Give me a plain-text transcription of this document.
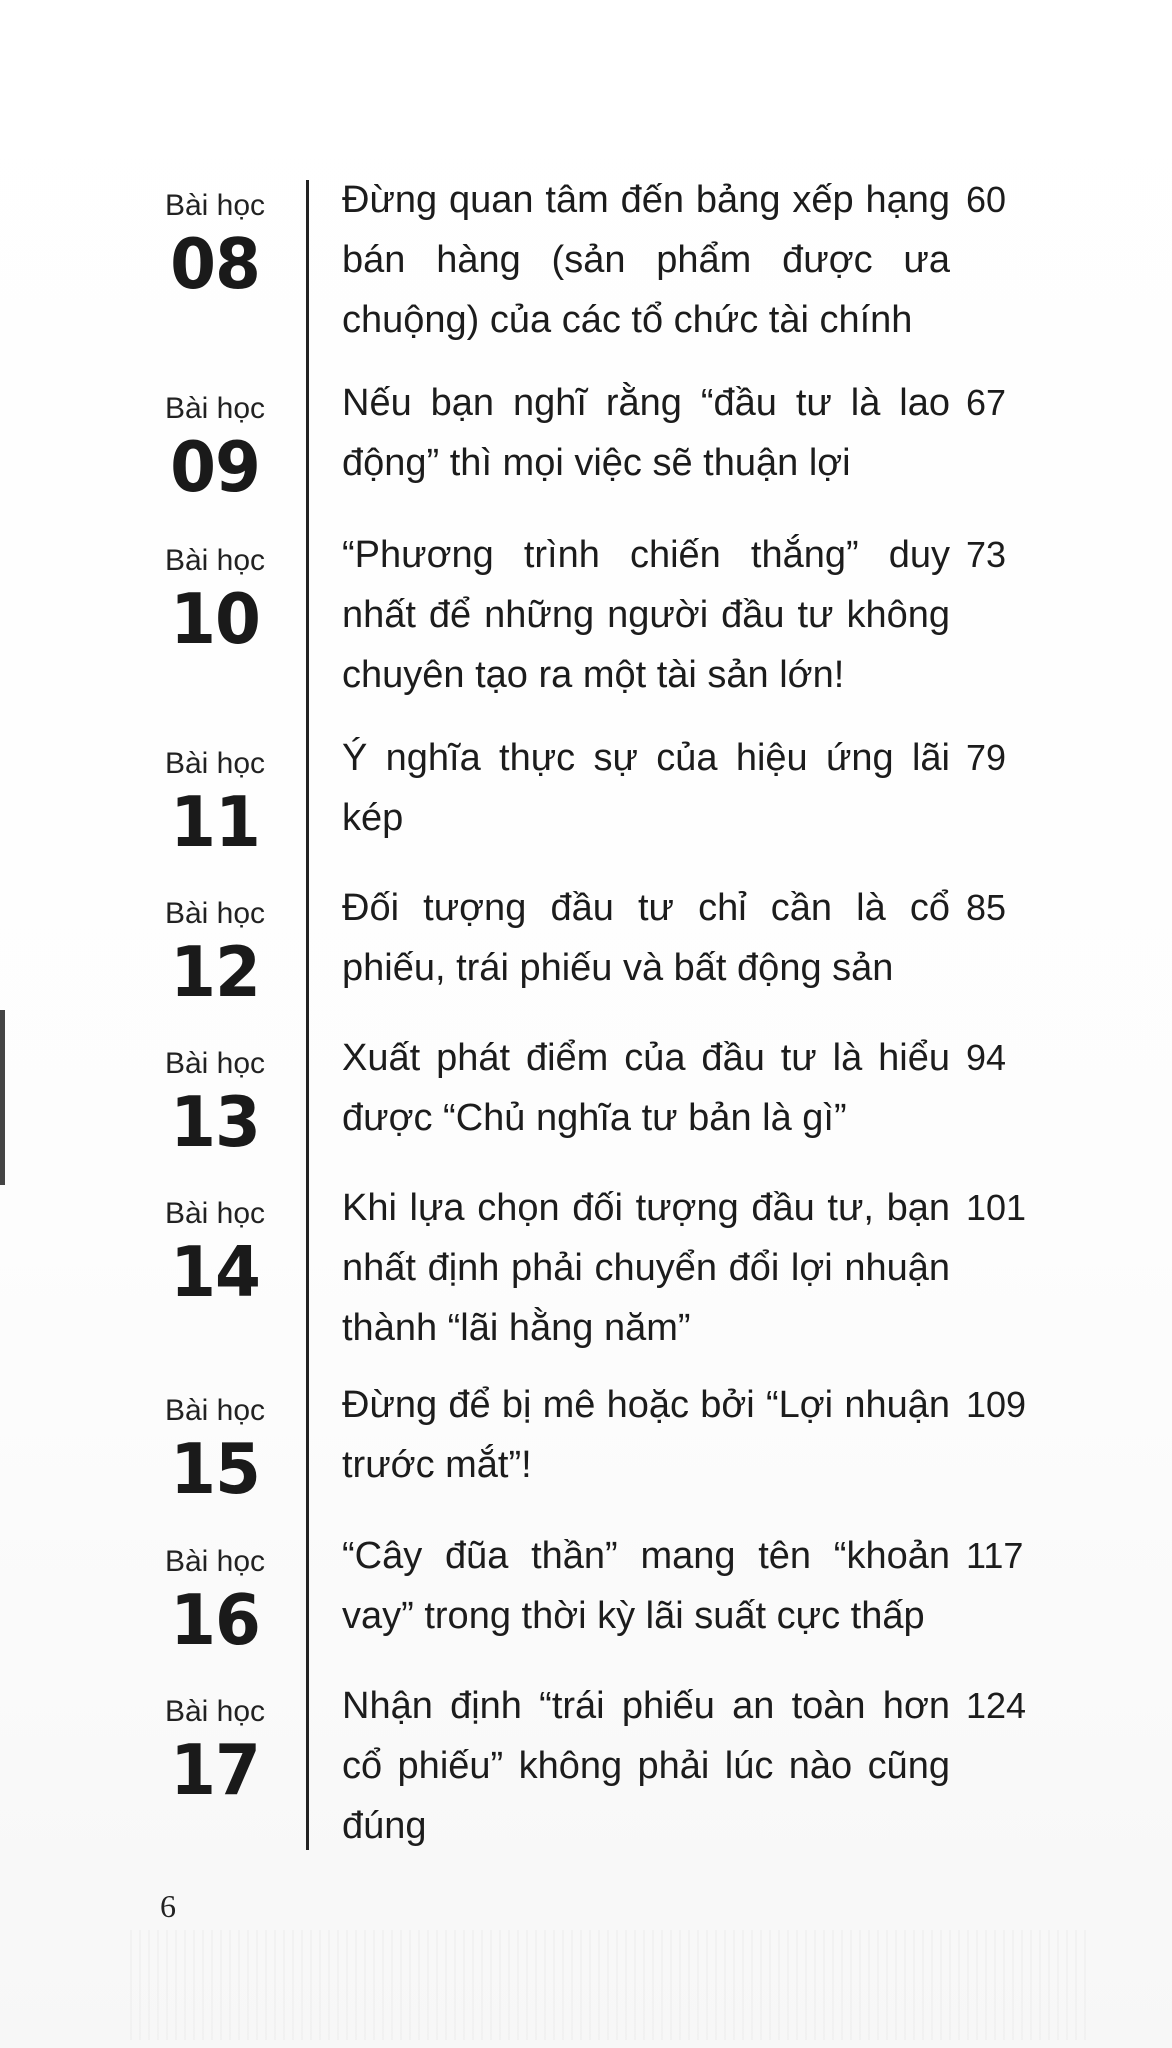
Bài học
08
Đừng quan tâm đến bảng xếp hạng bán hàng (sản phẩm được ưa chuộng) của các tổ chức tài chính
60
Bài học
09
Nếu bạn nghĩ rằng “đầu tư là lao động” thì mọi việc sẽ thuận lợi
67
Bài học
10
“Phương trình chiến thắng” duy nhất để những người đầu tư không chuyên tạo ra một tài sản lớn!
73
Bài học
11
Ý nghĩa thực sự của hiệu ứng lãi kép
79
Bài học
12
Đối tượng đầu tư chỉ cần là cổ phiếu, trái phiếu và bất động sản
85
Bài học
13
Xuất phát điểm của đầu tư là hiểu được “Chủ nghĩa tư bản là gì”
94
Bài học
14
Khi lựa chọn đối tượng đầu tư, bạn nhất định phải chuyển đổi lợi nhuận thành “lãi hằng năm”
101
Bài học
15
Đừng để bị mê hoặc bởi “Lợi nhuận trước mắt”!
109
Bài học
16
“Cây đũa thần” mang tên “khoản vay” trong thời kỳ lãi suất cực thấp
117
Bài học
17
Nhận định “trái phiếu an toàn hơn cổ phiếu” không phải lúc nào cũng đúng
124
6
